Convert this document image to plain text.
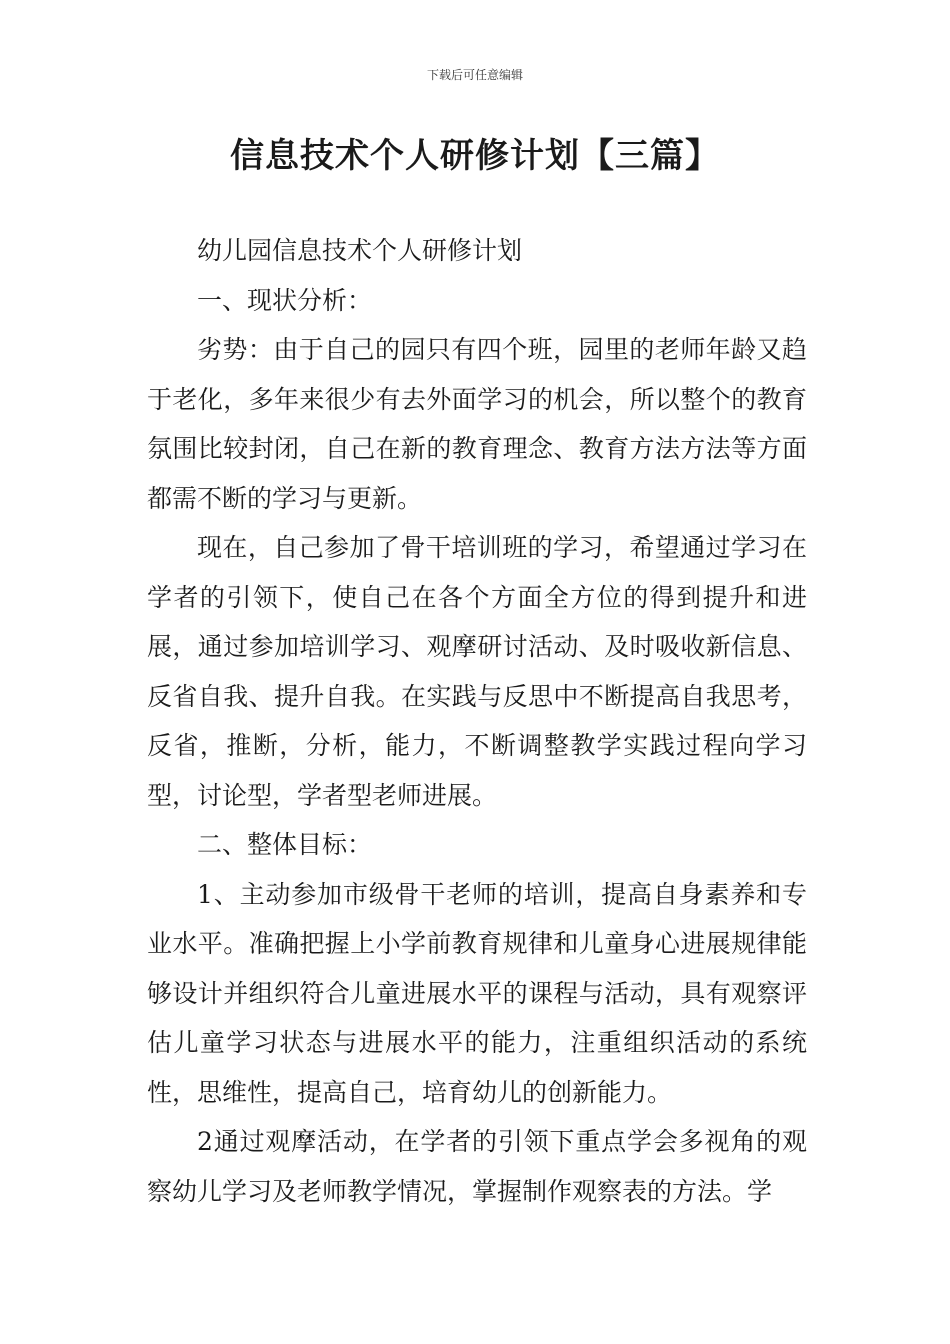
下载后可任意编辑
信息技术个人研修计划【三篇】

幼儿园信息技术个人研修计划

一、现状分析：

劣势：由于自己的园只有四个班，园里的老师年龄又趋于老化，多年来很少有去外面学习的机会，所以整个的教育氛围比较封闭，自己在新的教育理念、教育方法方法等方面都需不断的学习与更新。

现在，自己参加了骨干培训班的学习，希望通过学习在学者的引领下，使自己在各个方面全方位的得到提升和进展，通过参加培训学习、观摩研讨活动、及时吸收新信息、反省自我、提升自我。在实践与反思中不断提高自我思考，反省，推断，分析，能力，不断调整教学实践过程向学习型，讨论型，学者型老师进展。

二、整体目标：

1、主动参加市级骨干老师的培训，提高自身素养和专业水平。准确把握上小学前教育规律和儿童身心进展规律能够设计并组织符合儿童进展水平的课程与活动，具有观察评估儿童学习状态与进展水平的能力，注重组织活动的系统性，思维性，提高自己，培育幼儿的创新能力。

2通过观摩活动，在学者的引领下重点学会多视角的观察幼儿学习及老师教学情况，掌握制作观察表的方法。学
